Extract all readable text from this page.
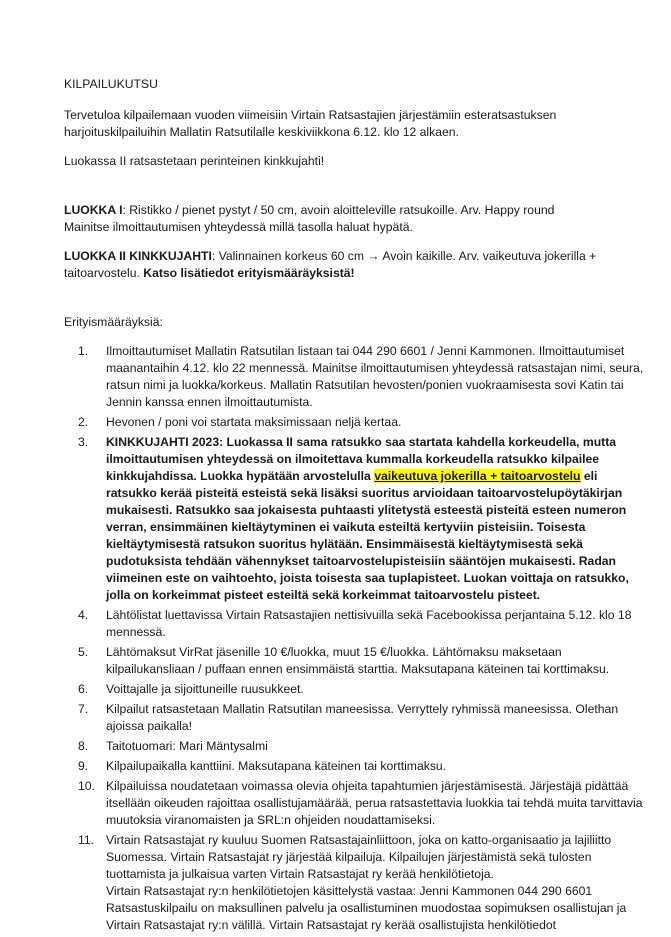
KILPAILUKUTSU

Tervetuloa kilpailemaan vuoden viimeisiin Virtain Ratsastajien järjestämiin esteratsastuksen harjoituskilpailuihin Mallatin Ratsutilalle keskiviikkona 6.12. klo 12 alkaen.

Luokassa II ratsastetaan perinteinen kinkkujahti!

LUOKKA I: Ristikko / pienet pystyt / 50 cm, avoin aloitteleville ratsukoille. Arv. Happy round
Mainitse ilmoittautumisen yhteydessä millä tasolla haluat hypätä.

LUOKKA II KINKKUJAHTI: Valinnainen korkeus 60 cm → Avoin kaikille. Arv. vaikeutuva jokerilla + taitoarvostelu. Katso lisätiedot erityismääräyksistä!

Erityismääräyksiä:

1.	Ilmoittautumiset Mallatin Ratsutilan listaan tai 044 290 6601 / Jenni Kammonen. Ilmoittautumiset maanantaihin 4.12. klo 22 mennessä. Mainitse ilmoittautumisen yhteydessä ratsastajan nimi, seura, ratsun nimi ja luokka/korkeus. Mallatin Ratsutilan hevosten/ponien vuokraamisesta sovi Katin tai Jennin kanssa ennen ilmoittautumista.
2.	Hevonen / poni voi startata maksimissaan neljä kertaa.
3.	KINKKUJAHTI 2023: Luokassa II sama ratsukko saa startata kahdella korkeudella, mutta ilmoittautumisen yhteydessä on ilmoitettava kummalla korkeudella ratsukko kilpailee kinkkujahdissa. Luokka hypätään arvostelulla vaikeutuva jokerilla + taitoarvostelu eli ratsukko kerää pisteitä esteistä sekä lisäksi suoritus arvioidaan taitoarvostelupöytäkirjan mukaisesti. Ratsukko saa jokaisesta puhtaasti ylitetystä esteestä pisteitä esteen numeron verran, ensimmäinen kieltäytyminen ei vaikuta esteiltä kertyviin pisteisiin. Toisesta kieltäytymisestä ratsukon suoritus hylätään. Ensimmäisestä kieltäytymisestä sekä pudotuksista tehdään vähennykset taitoarvostelupisteisiin sääntöjen mukaisesti. Radan viimeinen este on vaihtoehto, joista toisesta saa tuplapisteet. Luokan voittaja on ratsukko, jolla on korkeimmat pisteet esteiltä sekä korkeimmat taitoarvostelu pisteet.
4.	Lähtölistat luettavissa Virtain Ratsastajien nettisivuilla sekä Facebookissa perjantaina 5.12. klo 18 mennessä.
5.	Lähtömaksut VirRat jäsenille 10 €/luokka, muut 15 €/luokka. Lähtömaksu maksetaan kilpailukansliaan / puffaan ennen ensimmäistä starttia. Maksutapana käteinen tai korttimaksu.
6.	Voittajalle ja sijoittuneille ruusukkeet.
7.	Kilpailut ratsastetaan Mallatin Ratsutilan maneesissa. Verryttely ryhmissä maneesissa. Olethan ajoissa paikalla!
8.	Taitotuomari: Mari Mäntysalmi
9.	Kilpailupaikalla kanttiini. Maksutapana käteinen tai korttimaksu.
10. Kilpailuissa noudatetaan voimassa olevia ohjeita tapahtumien järjestämisestä. Järjestäjä pidättää itsellään oikeuden rajoittaa osallistujamäärää, perua ratsastettavia luokkia tai tehdä muita tarvittavia muutoksia viranomaisten ja SRL:n ohjeiden noudattamiseksi.
11. Virtain Ratsastajat ry kuuluu Suomen Ratsastajainliittoon, joka on katto-organisaatio ja lajiliitto Suomessa. Virtain Ratsastajat ry järjestää kilpailuja. Kilpailujen järjestämistä sekä tulosten tuottamista ja julkaisua varten Virtain Ratsastajat ry kerää henkilötietoja.
Virtain Ratsastajat ry:n henkilötietojen käsittelystä vastaa: Jenni Kammonen 044 290 6601
Ratsastuskilpailu on maksullinen palvelu ja osallistuminen muodostaa sopimuksen osallistujan ja Virtain Ratsastajat ry:n välillä. Virtain Ratsastajat ry kerää osallistujista henkilötiedot
